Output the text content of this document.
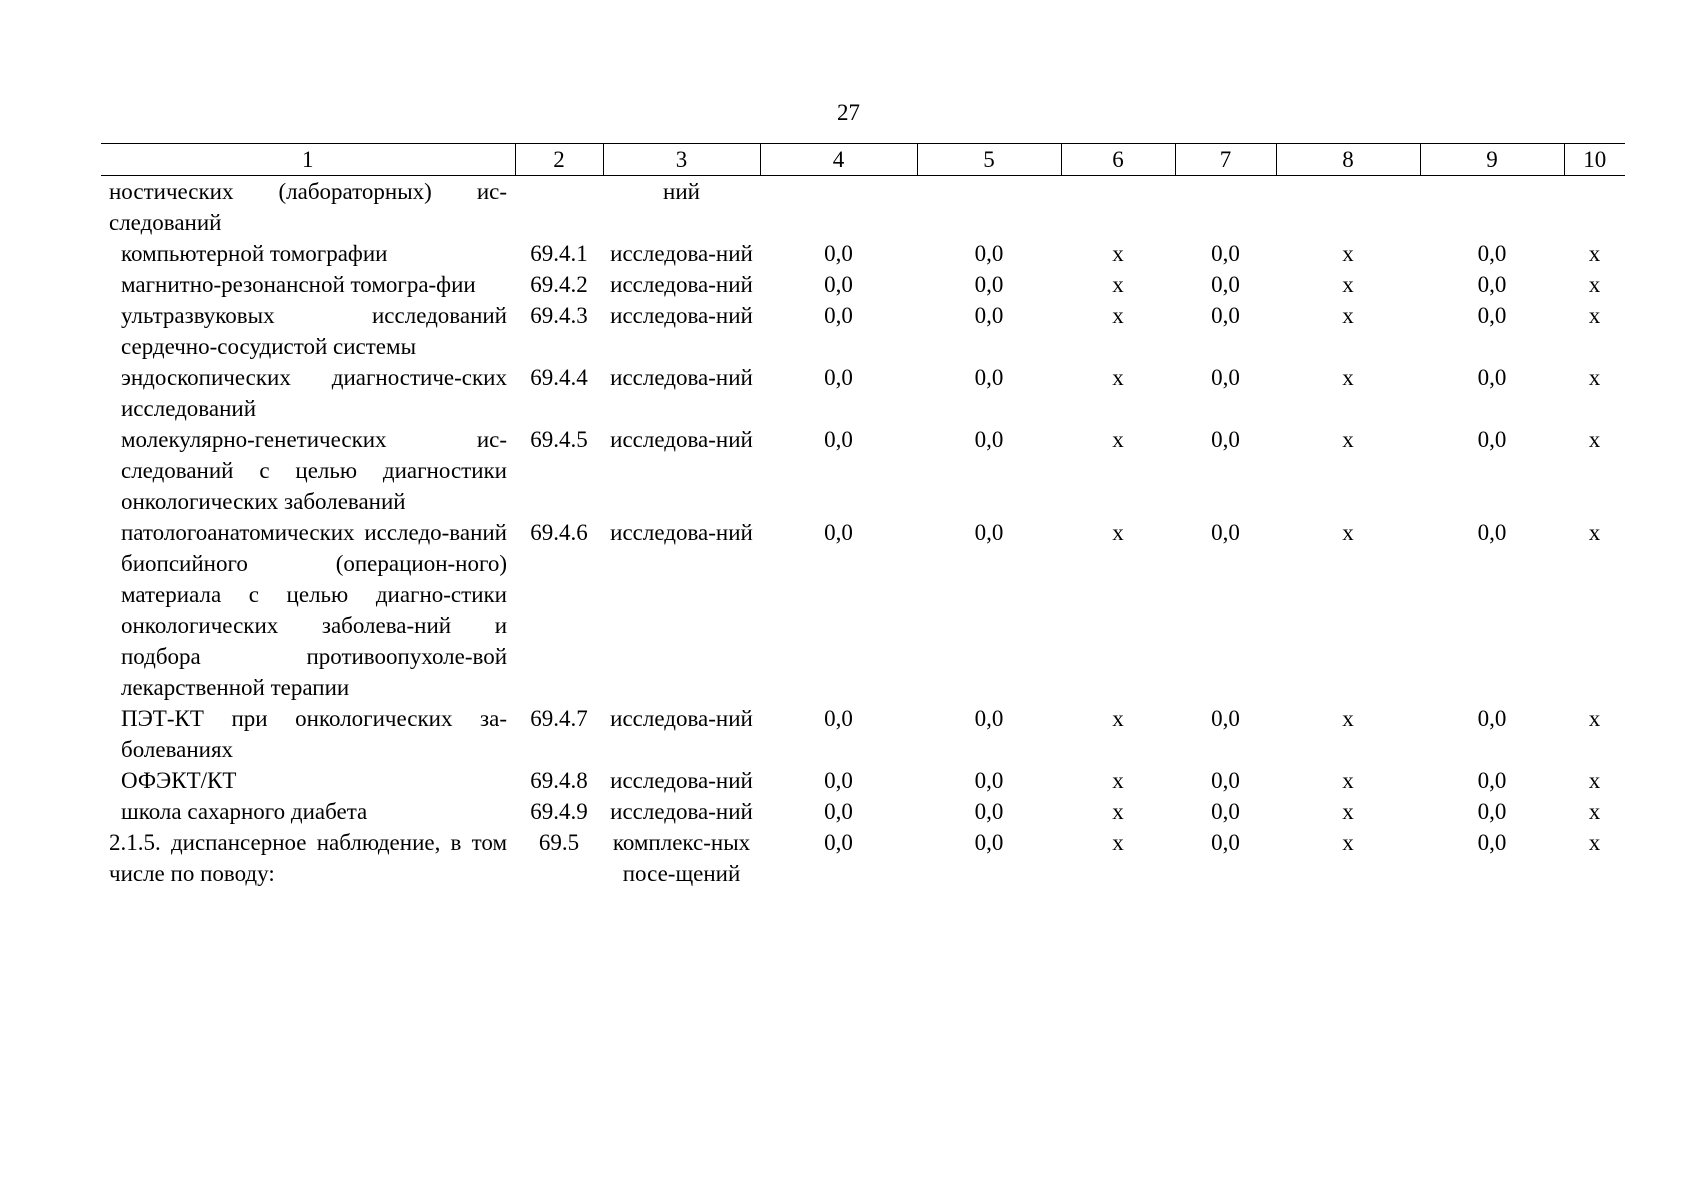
27
1	2	3	4	5	6	7	8	9	10
ностических (лабораторных) ис-следований		ний							
компьютерной томографии	69.4.1	исследова-ний	0,0	0,0	х	0,0	х	0,0	х
магнитно-резонансной томогра-фии	69.4.2	исследова-ний	0,0	0,0	х	0,0	х	0,0	х
ультразвуковых исследований сердечно-сосудистой системы	69.4.3	исследова-ний	0,0	0,0	х	0,0	х	0,0	х
эндоскопических диагностиче-ских исследований	69.4.4	исследова-ний	0,0	0,0	х	0,0	х	0,0	х
молекулярно-генетических ис-следований с целью диагностики онкологических заболеваний	69.4.5	исследова-ний	0,0	0,0	х	0,0	х	0,0	х
патологоанатомических исследо-ваний биопсийного (операцион-ного) материала с целью диагно-стики онкологических заболева-ний и подбора противоопухоле-вой лекарственной терапии	69.4.6	исследова-ний	0,0	0,0	х	0,0	х	0,0	х
ПЭТ-КТ при онкологических за-болеваниях	69.4.7	исследова-ний	0,0	0,0	х	0,0	х	0,0	х
ОФЭКТ/КТ	69.4.8	исследова-ний	0,0	0,0	х	0,0	х	0,0	х
школа сахарного диабета	69.4.9	исследова-ний	0,0	0,0	х	0,0	х	0,0	х
2.1.5. диспансерное наблюдение, в том числе по поводу:	69.5	комплекс-ных посе-щений	0,0	0,0	х	0,0	х	0,0	х
